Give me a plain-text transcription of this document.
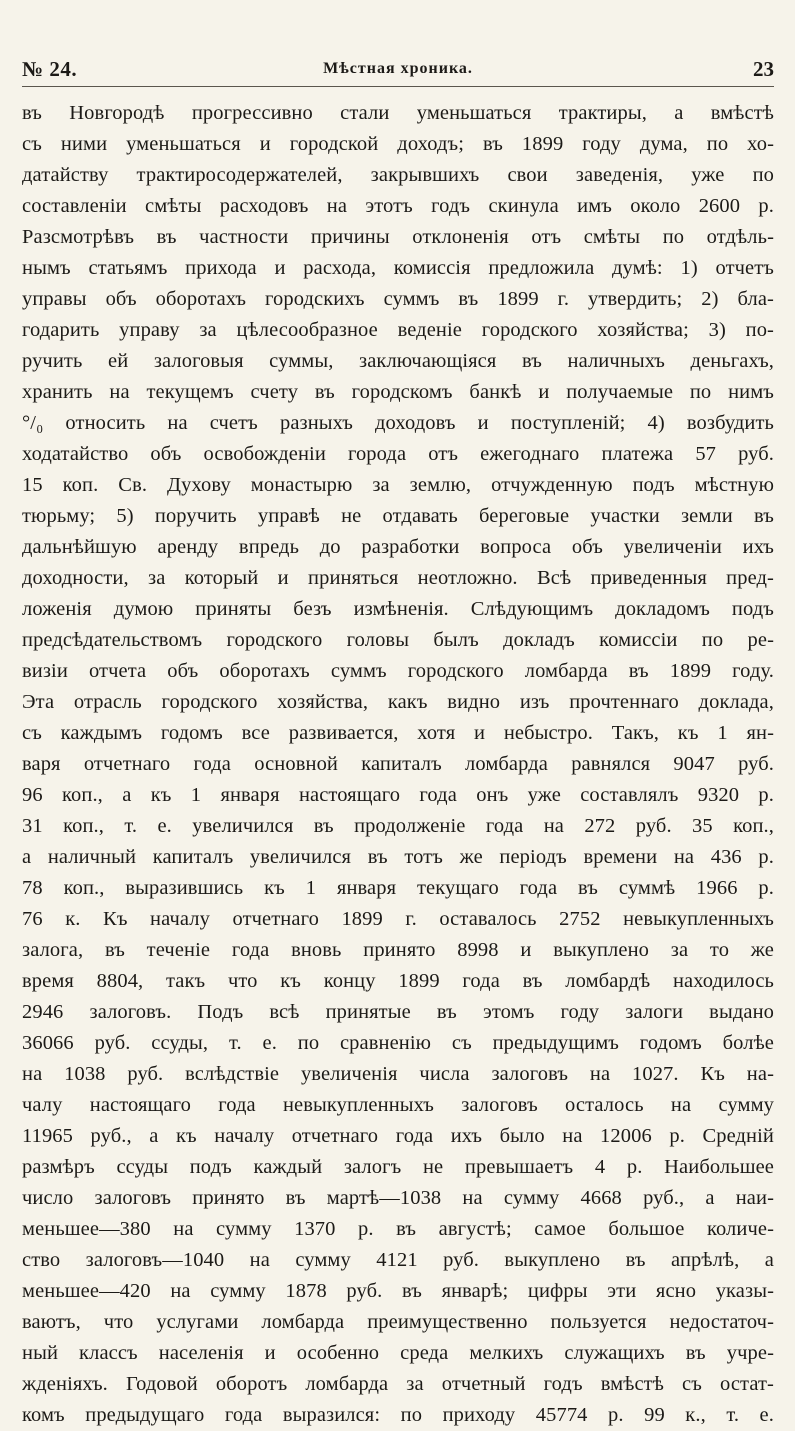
№ 24.	Мѣстная хроника.	23
въ Новгородѣ прогрессивно стали уменьшаться трактиры, а вмѣстѣ
съ ними уменьшаться и городской доходъ; въ 1899 году дума, по хо-
датайству трактиросодержателей, закрывшихъ свои заведенія, уже по
составленіи смѣты расходовъ на этотъ годъ скинула имъ около 2600 р.
Разсмотрѣвъ въ частности причины отклоненія отъ смѣты по отдѣль-
нымъ статьямъ прихода и расхода, комиссія предложила думѣ: 1) отчетъ
управы объ оборотахъ городскихъ суммъ въ 1899 г. утвердить; 2) бла-
годарить управу за цѣлесообразное веденіе городского хозяйства; 3) по-
ручить ей залоговыя суммы, заключающіяся въ наличныхъ деньгахъ,
хранить на текущемъ счету въ городскомъ банкѣ и получаемые по нимъ
°/₀ относить на счетъ разныхъ доходовъ и поступленій; 4) возбудить
ходатайство объ освобожденіи города отъ ежегоднаго платежа 57 руб.
15 коп. Св. Духову монастырю за землю, отчужденную подъ мѣстную
тюрьму; 5) поручить управѣ не отдавать береговые участки земли въ
дальнѣйшую аренду впредь до разработки вопроса объ увеличеніи ихъ
доходности, за который и приняться неотложно. Всѣ приведенныя пред-
ложенія думою приняты безъ измѣненія. Слѣдующимъ докладомъ подъ
предсѣдательствомъ городского головы былъ докладъ комиссіи по ре-
визіи отчета объ оборотахъ суммъ городского ломбарда въ 1899 году.
Эта отрасль городского хозяйства, какъ видно изъ прочтеннаго доклада,
съ каждымъ годомъ все развивается, хотя и небыстро. Такъ, къ 1 ян-
варя отчетнаго года основной капиталъ ломбарда равнялся 9047 руб.
96 коп., а къ 1 января настоящаго года онъ уже составлялъ 9320 р.
31 коп., т. е. увеличился въ продолженіе года на 272 руб. 35 коп.,
а наличный капиталъ увеличился въ тотъ же періодъ времени на 436 р.
78 коп., выразившись къ 1 января текущаго года въ суммѣ 1966 р.
76 к. Къ началу отчетнаго 1899 г. оставалось 2752 невыкупленныхъ
залога, въ теченіе года вновь принято 8998 и выкуплено за то же
время 8804, такъ что къ концу 1899 года въ ломбардѣ находилось
2946 залоговъ. Подъ всѣ принятые въ этомъ году залоги выдано
36066 руб. ссуды, т. е. по сравненію съ предыдущимъ годомъ болѣе
на 1038 руб. вслѣдствіе увеличенія числа залоговъ на 1027. Къ на-
чалу настоящаго года невыкупленныхъ залоговъ осталось на сумму
11965 руб., а къ началу отчетнаго года ихъ было на 12006 р. Средній
размѣръ ссуды подъ каждый залогъ не превышаетъ 4 р. Наибольшее
число залоговъ принято въ мартѣ—1038 на сумму 4668 руб., а наи-
меньшее—380 на сумму 1370 р. въ августѣ; самое большое количе-
ство залоговъ—1040 на сумму 4121 руб. выкуплено въ апрѣлѣ, а
меньшее—420 на сумму 1878 руб. въ январѣ; цифры эти ясно указы-
ваютъ, что услугами ломбарда преимущественно пользуется недостаточ-
ный классъ населенія и особенно среда мелкихъ служащихъ въ учре-
жденіяхъ. Годовой оборотъ ломбарда за отчетный годъ вмѣстѣ съ остат-
комъ предыдущаго года выразился: по приходу 45774 р. 99 к., т. е.
